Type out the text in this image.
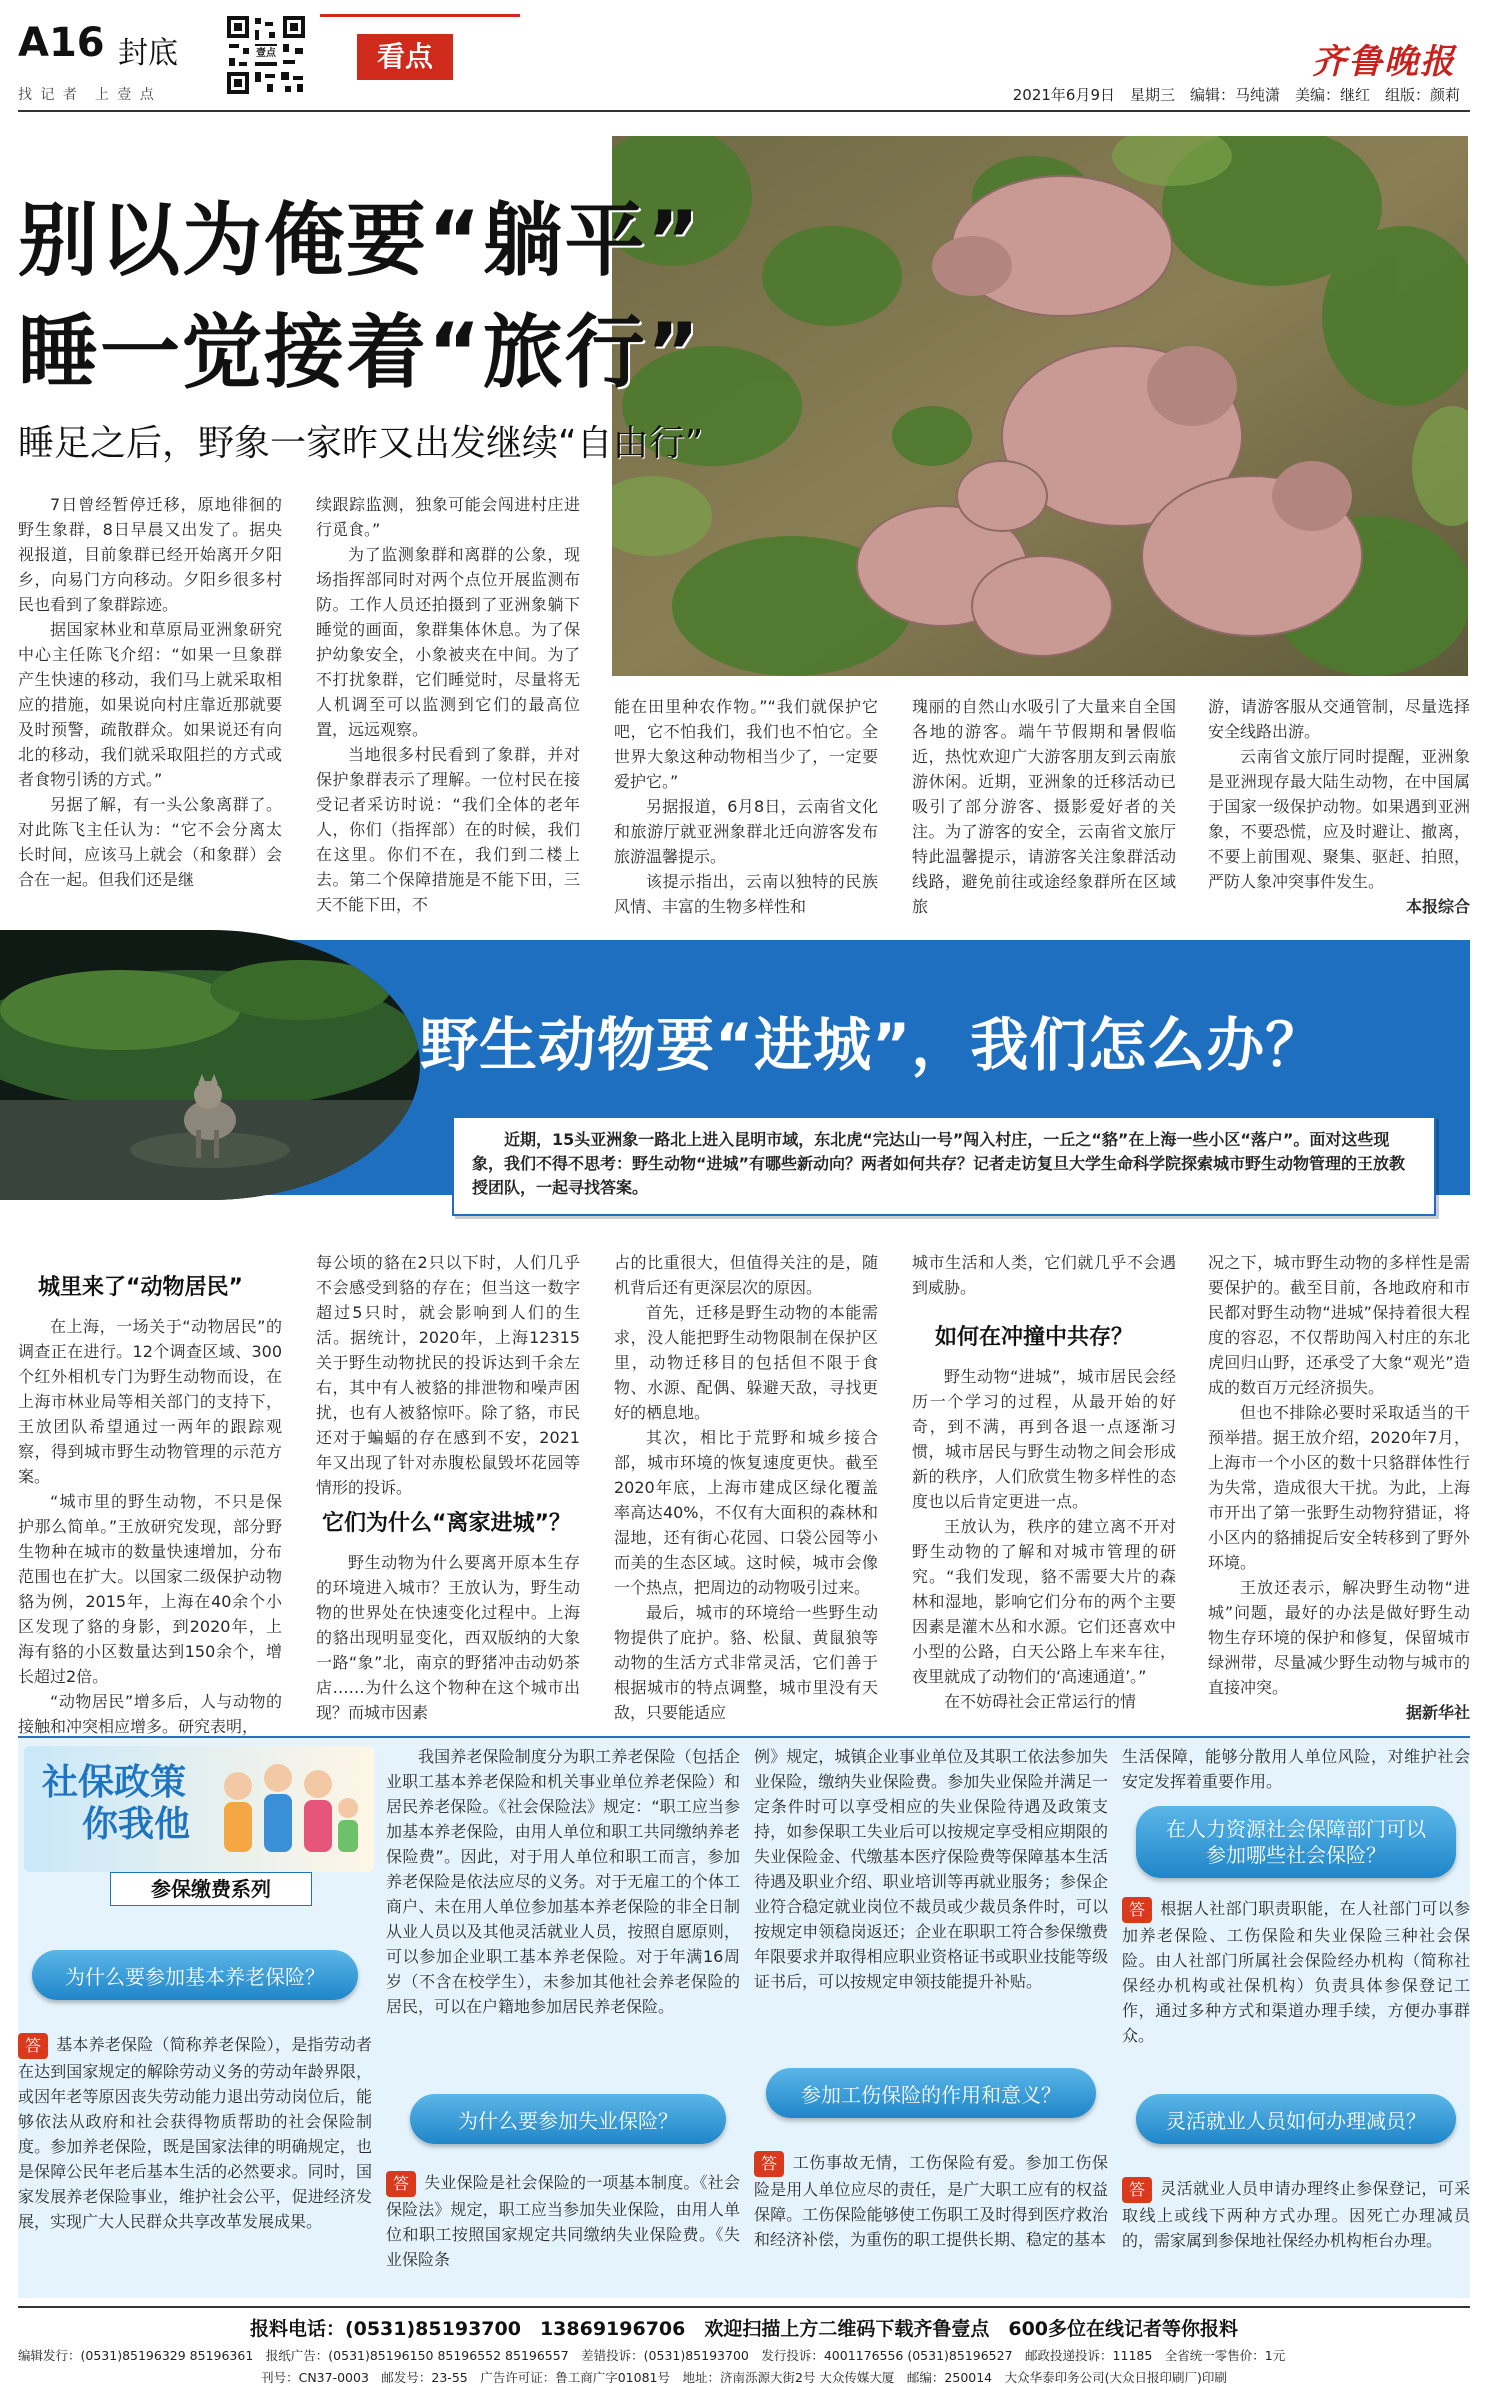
A16 封底
找 记 者　上 壹 点
壹点	看点	齐鲁晚报
2021年6月9日　星期三　编辑：马纯潇　美编：继红　组版：颜莉
别以为俺要“躺平”
睡一觉接着“旅行”
睡足之后，野象一家昨又出发继续“自由行”

7日曾经暂停迁移，原地徘徊的野生象群，8日早晨又出发了。据央视报道，目前象群已经开始离开夕阳乡，向易门方向移动。夕阳乡很多村民也看到了象群踪迹。

据国家林业和草原局亚洲象研究中心主任陈飞介绍：“如果一旦象群产生快速的移动，我们马上就采取相应的措施，如果说向村庄靠近那就要及时预警，疏散群众。如果说还有向北的移动，我们就采取阻拦的方式或者食物引诱的方式。”

另据了解，有一头公象离群了。对此陈飞主任认为：“它不会分离太长时间，应该马上就会（和象群）会合在一起。但我们还是继

续跟踪监测，独象可能会闯进村庄进行觅食。”

为了监测象群和离群的公象，现场指挥部同时对两个点位开展监测布防。工作人员还拍摄到了亚洲象躺下睡觉的画面，象群集体休息。为了保护幼象安全，小象被夹在中间。为了不打扰象群，它们睡觉时，尽量将无人机调至可以监测到它们的最高位置，远远观察。

当地很多村民看到了象群，并对保护象群表示了理解。一位村民在接受记者采访时说：“我们全体的老年人，你们（指挥部）在的时候，我们在这里。你们不在，我们到二楼上去。第二个保障措施是不能下田，三天不能下田，不

能在田里种农作物。”“我们就保护它吧，它不怕我们，我们也不怕它。全世界大象这种动物相当少了，一定要爱护它。”

另据报道，6月8日，云南省文化和旅游厅就亚洲象群北迁向游客发布旅游温馨提示。

该提示指出，云南以独特的民族风情、丰富的生物多样性和

瑰丽的自然山水吸引了大量来自全国各地的游客。端午节假期和暑假临近，热忱欢迎广大游客朋友到云南旅游休闲。近期，亚洲象的迁移活动已吸引了部分游客、摄影爱好者的关注。为了游客的安全，云南省文旅厅特此温馨提示，请游客关注象群活动线路，避免前往或途经象群所在区域旅

游，请游客服从交通管制，尽量选择安全线路出游。

云南省文旅厅同时提醒，亚洲象是亚洲现存最大陆生动物，在中国属于国家一级保护动物。如果遇到亚洲象，不要恐慌，应及时避让、撤离，不要上前围观、聚集、驱赶、拍照，严防人象冲突事件发生。

本报综合
野生动物要“进城”，我们怎么办？
近期，15头亚洲象一路北上进入昆明市域，东北虎“完达山一号”闯入村庄，一丘之“貉”在上海一些小区“落户”。面对这些现象，我们不得不思考：野生动物“进城”有哪些新动向？两者如何共存？记者走访复旦大学生命科学院探索城市野生动物管理的王放教授团队，一起寻找答案。
城里来了“动物居民”

在上海，一场关于“动物居民”的调查正在进行。12个调查区域、300个红外相机专门为野生动物而设，在上海市林业局等相关部门的支持下，王放团队希望通过一两年的跟踪观察，得到城市野生动物管理的示范方案。

“城市里的野生动物，不只是保护那么简单。”王放研究发现，部分野生物种在城市的数量快速增加，分布范围也在扩大。以国家二级保护动物貉为例，2015年，上海在40余个小区发现了貉的身影，到2020年，上海有貉的小区数量达到150余个，增长超过2倍。

“动物居民”增多后，人与动物的接触和冲突相应增多。研究表明，

每公顷的貉在2只以下时，人们几乎不会感受到貉的存在；但当这一数字超过5只时，就会影响到人们的生活。据统计，2020年，上海12315关于野生动物扰民的投诉达到千余左右，其中有人被貉的排泄物和噪声困扰，也有人被貉惊吓。除了貉，市民还对于蝙蝠的存在感到不安，2021年又出现了针对赤腹松鼠毁坏花园等情形的投诉。

它们为什么“离家进城”？

野生动物为什么要离开原本生存的环境进入城市？王放认为，野生动物的世界处在快速变化过程中。上海的貉出现明显变化，西双版纳的大象一路“象”北，南京的野猪冲击动奶茶店……为什么这个物种在这个城市出现？而城市因素

占的比重很大，但值得关注的是，随机背后还有更深层次的原因。

首先，迁移是野生动物的本能需求，没人能把野生动物限制在保护区里，动物迁移目的包括但不限于食物、水源、配偶、躲避天敌，寻找更好的栖息地。

其次，相比于荒野和城乡接合部，城市环境的恢复速度更快。截至2020年底，上海市建成区绿化覆盖率高达40%，不仅有大面积的森林和湿地，还有街心花园、口袋公园等小而美的生态区域。这时候，城市会像一个热点，把周边的动物吸引过来。

最后，城市的环境给一些野生动物提供了庇护。貉、松鼠、黄鼠狼等动物的生活方式非常灵活，它们善于根据城市的特点调整，城市里没有天敌，只要能适应

城市生活和人类，它们就几乎不会遇到威胁。

如何在冲撞中共存？

野生动物“进城”，城市居民会经历一个学习的过程，从最开始的好奇，到不满，再到各退一点逐渐习惯，城市居民与野生动物之间会形成新的秩序，人们欣赏生物多样性的态度也以后肯定更进一点。

王放认为，秩序的建立离不开对野生动物的了解和对城市管理的研究。“我们发现，貉不需要大片的森林和湿地，影响它们分布的两个主要因素是灌木丛和水源。它们还喜欢中小型的公路，白天公路上车来车往，夜里就成了动物们的‘高速通道’。”

在不妨碍社会正常运行的情

况之下，城市野生动物的多样性是需要保护的。截至目前，各地政府和市民都对野生动物“进城”保持着很大程度的容忍，不仅帮助闯入村庄的东北虎回归山野，还承受了大象“观光”造成的数百万元经济损失。

但也不排除必要时采取适当的干预举措。据王放介绍，2020年7月，上海市一个小区的数十只貉群体性行为失常，造成很大干扰。为此，上海市开出了第一张野生动物狩猎证，将小区内的貉捕捉后安全转移到了野外环境。

王放还表示，解决野生动物“进城”问题，最好的办法是做好野生动物生存环境的保护和修复，保留城市绿洲带，尽量减少野生动物与城市的直接冲突。

据新华社
社保政策
你我他
参保缴费系列
为什么要参加基本养老保险？
答 基本养老保险（简称养老保险），是指劳动者在达到国家规定的解除劳动义务的劳动年龄界限，或因年老等原因丧失劳动能力退出劳动岗位后，能够依法从政府和社会获得物质帮助的社会保险制度。参加养老保险，既是国家法律的明确规定，也是保障公民年老后基本生活的必然要求。同时，国家发展养老保险事业，维护社会公平，促进经济发展，实现广大人民群众共享改革发展成果。

我国养老保险制度分为职工养老保险（包括企业职工基本养老保险和机关事业单位养老保险）和居民养老保险。《社会保险法》规定：“职工应当参加基本养老保险，由用人单位和职工共同缴纳养老保险费”。因此，对于用人单位和职工而言，参加养老保险是依法应尽的义务。对于无雇工的个体工商户、未在用人单位参加基本养老保险的非全日制从业人员以及其他灵活就业人员，按照自愿原则，可以参加企业职工基本养老保险。对于年满16周岁（不含在校学生），未参加其他社会养老保险的居民，可以在户籍地参加居民养老保险。

为什么要参加失业保险？
答 失业保险是社会保险的一项基本制度。《社会保险法》规定，职工应当参加失业保险，由用人单位和职工按照国家规定共同缴纳失业保险费。《失业保险条

例》规定，城镇企业事业单位及其职工依法参加失业保险，缴纳失业保险费。参加失业保险并满足一定条件时可以享受相应的失业保险待遇及政策支持，如参保职工失业后可以按规定享受相应期限的失业保险金、代缴基本医疗保险费等保障基本生活待遇及职业介绍、职业培训等再就业服务；参保企业符合稳定就业岗位不裁员或少裁员条件时，可以按规定申领稳岗返还；企业在职职工符合参保缴费年限要求并取得相应职业资格证书或职业技能等级证书后，可以按规定申领技能提升补贴。

参加工伤保险的作用和意义？
答 工伤事故无情，工伤保险有爱。参加工伤保险是用人单位应尽的责任，是广大职工应有的权益保障。工伤保险能够使工伤职工及时得到医疗救治和经济补偿，为重伤的职工提供长期、稳定的基本

生活保障，能够分散用人单位风险，对维护社会安定发挥着重要作用。

在人力资源社会保障部门可以参加哪些社会保险？
答 根据人社部门职责职能，在人社部门可以参加养老保险、工伤保险和失业保险三种社会保险。由人社部门所属社会保险经办机构（简称社保经办机构或社保机构）负责具体参保登记工作，通过多种方式和渠道办理手续，方便办事群众。
灵活就业人员如何办理减员？
答 灵活就业人员申请办理终止参保登记，可采取线上或线下两种方式办理。因死亡办理减员的，需家属到参保地社保经办机构柜台办理。
报料电话：(0531)85193700　13869196706　欢迎扫描上方二维码下载齐鲁壹点　600多位在线记者等你报料
编辑发行：(0531)85196329 85196361　报纸广告：(0531)85196150 85196552 85196557　差错投诉：(0531)85193700　发行投诉：4001176556 (0531)85196527　邮政投递投诉：11185　全省统一零售价：1元
刊号：CN37-0003　邮发号：23-55　广告许可证：鲁工商广字01081号　地址：济南泺源大街2号 大众传媒大厦　邮编：250014　大众华泰印务公司(大众日报印刷厂)印刷
